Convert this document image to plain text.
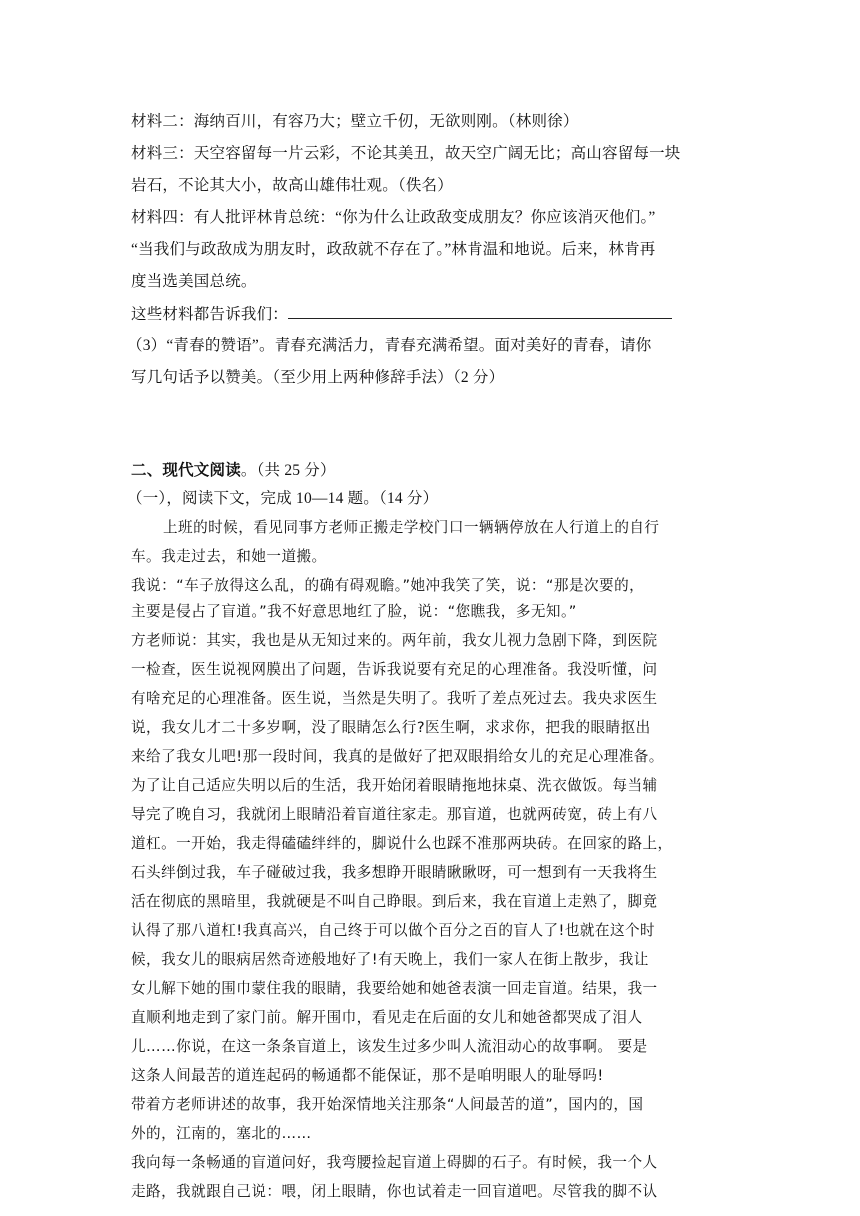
材料二：海纳百川，有容乃大；壁立千仞，无欲则刚。（林则徐）
材料三：天空容留每一片云彩，不论其美丑，故天空广阔无比；高山容留每一块
岩石，不论其大小，故高山雄伟壮观。（佚名）
材料四：有人批评林肯总统：“你为什么让政敌变成朋友？你应该消灭他们。”
“当我们与政敌成为朋友时，政敌就不存在了。”林肯温和地说。后来，林肯再
度当选美国总统。
这些材料都告诉我们：
（3）“青春的赞语”。青春充满活力，青春充满希望。面对美好的青春，请你
写几句话予以赞美。（至少用上两种修辞手法）（2 分）
二、现代文阅读。（共 25 分）
（一），阅读下文，完成 10—14 题。（14 分）
上班的时候，看见同事方老师正搬走学校门口一辆辆停放在人行道上的自行
车。我走过去，和她一道搬。
我说：“车子放得这么乱，的确有碍观瞻。”她冲我笑了笑，说：“那是次要的，
主要是侵占了盲道。”我不好意思地红了脸，说：“您瞧我，多无知。”
方老师说：其实，我也是从无知过来的。两年前，我女儿视力急剧下降，到医院
一检查，医生说视网膜出了问题，告诉我说要有充足的心理准备。我没听懂，问
有啥充足的心理准备。医生说，当然是失明了。我听了差点死过去。我央求医生
说，我女儿才二十多岁啊，没了眼睛怎么行?医生啊，求求你，把我的眼睛抠出
来给了我女儿吧!那一段时间，我真的是做好了把双眼捐给女儿的充足心理准备。
为了让自己适应失明以后的生活，我开始闭着眼睛拖地抹桌、洗衣做饭。每当辅
导完了晚自习，我就闭上眼睛沿着盲道往家走。那盲道，也就两砖宽，砖上有八
道杠。一开始，我走得磕磕绊绊的，脚说什么也踩不准那两块砖。在回家的路上，
石头绊倒过我，车子碰破过我，我多想睁开眼睛瞅瞅呀，可一想到有一天我将生
活在彻底的黑暗里，我就硬是不叫自己睁眼。到后来，我在盲道上走熟了，脚竟
认得了那八道杠!我真高兴，自己终于可以做个百分之百的盲人了!也就在这个时
候，我女儿的眼病居然奇迹般地好了!有天晚上，我们一家人在街上散步，我让
女儿解下她的围巾蒙住我的眼睛，我要给她和她爸表演一回走盲道。结果，我一
直顺利地走到了家门前。解开围巾，看见走在后面的女儿和她爸都哭成了泪人
儿……你说，在这一条条盲道上，该发生过多少叫人流泪动心的故事啊。 要是
这条人间最苦的道连起码的畅通都不能保证，那不是咱明眼人的耻辱吗!
带着方老师讲述的故事，我开始深情地关注那条“人间最苦的道”，国内的，国
外的，江南的，塞北的……
我向每一条畅通的盲道问好，我弯腰捡起盲道上碍脚的石子。有时候，我一个人
走路，我就跟自己说：喂，闭上眼睛，你也试着走一回盲道吧。尽管我的脚不认
